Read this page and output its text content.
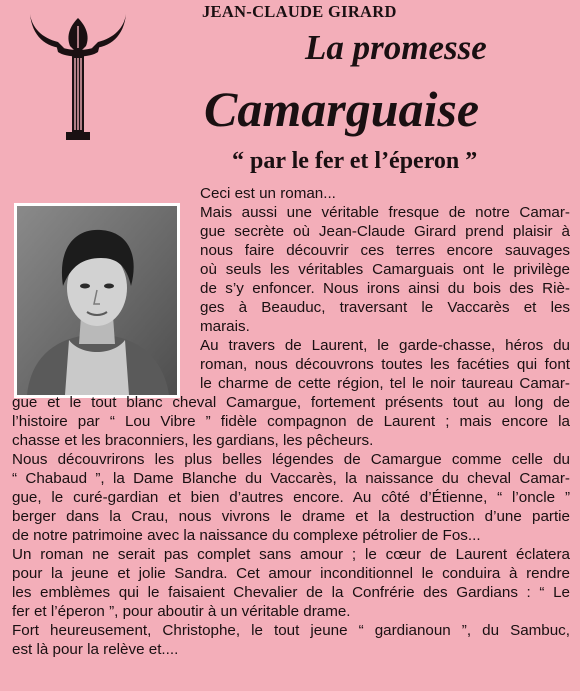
JEAN-CLAUDE GIRARD
La promesse
Camarguaise
“ par le fer et l’éperon ”
Ceci est un roman...
Mais aussi une véritable fresque de notre Camar-
gue secrète où Jean-Claude Girard prend plaisir à
nous faire découvrir ces terres encore sauvages
où seuls les véritables Camarguais ont le privilège
de s’y enfoncer. Nous irons ainsi du bois des Riè-
ges à Beauduc, traversant le Vaccarès et les
marais.
Au travers de Laurent, le garde-chasse, héros du
roman, nous découvrons toutes les facéties qui font
le charme de cette région, tel le noir taureau Camar-
gue et le tout blanc cheval Camargue, fortement présents tout au long de
l’histoire par “ Lou Vibre ” fidèle compagnon de Laurent ; mais encore la
chasse et les braconniers, les gardians, les pêcheurs.
Nous découvrirons les plus belles légendes de Camargue comme celle du
“ Chabaud ”, la Dame Blanche du Vaccarès, la naissance du cheval Camar-
gue, le curé-gardian et bien d’autres encore. Au côté d’Étienne, “ l’oncle ”
berger dans la Crau, nous vivrons le drame et la destruction d’une partie
de notre patrimoine avec la naissance du complexe pétrolier de Fos...
Un roman ne serait pas complet sans amour ; le cœur de Laurent éclatera
pour la jeune et jolie Sandra. Cet amour inconditionnel le conduira à rendre
les emblèmes qui le faisaient Chevalier de la Confrérie des Gardians : “ Le
fer et l’éperon ”, pour aboutir à un véritable drame.
Fort heureusement, Christophe, le tout jeune “ gardianoun ”, du Sambuc,
est là pour la relève et....
